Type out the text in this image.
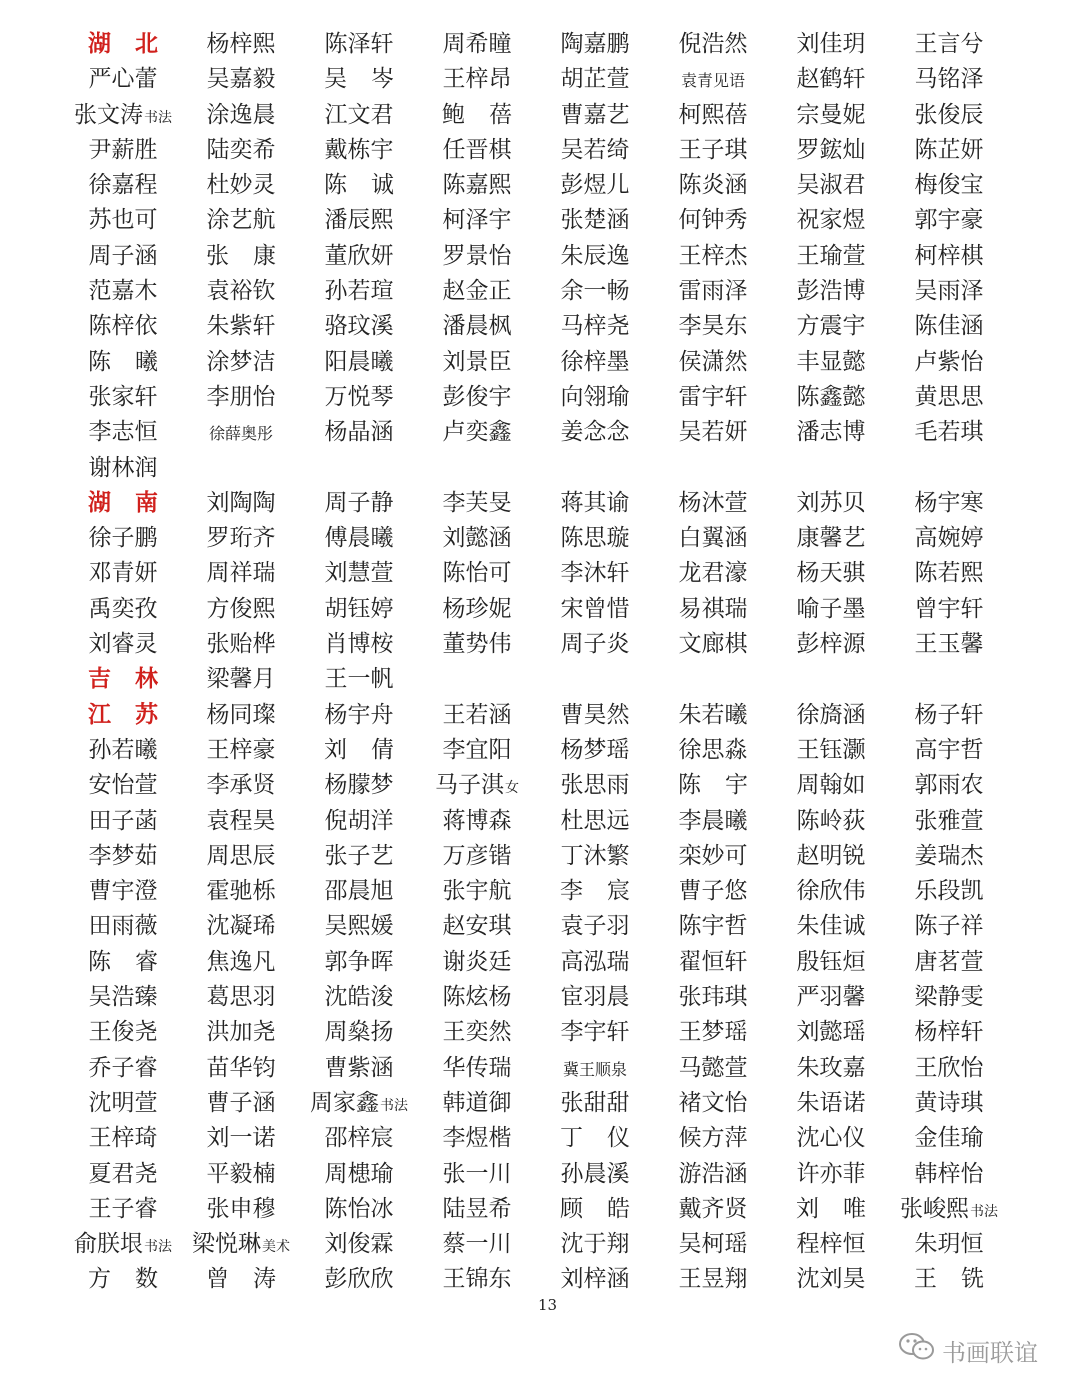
湖北	杨梓熙	陈泽轩	周希瞳	陶嘉鹏	倪浩然	刘佳玥	王言兮
严心蕾	吴嘉毅	吴岑	王梓昂	胡芷萱	袁青见语	赵鹤轩	马铭泽
张文涛书法	涂逸晨	江文君	鲍蓓	曹嘉艺	柯熙蓓	宗曼妮	张俊辰
尹薪胜	陆奕希	戴栋宇	任晋棋	吴若绮	王子琪	罗鋐灿	陈芷妍
徐嘉程	杜妙灵	陈诚	陈嘉熙	彭煜儿	陈炎涵	吴淑君	梅俊宝
苏也可	涂艺航	潘辰熙	柯泽宇	张楚涵	何钟秀	祝家煜	郭宇豪
周子涵	张康	董欣妍	罗景怡	朱辰逸	王梓杰	王瑜萱	柯梓棋
范嘉木	袁裕钦	孙若瑄	赵金正	余一畅	雷雨泽	彭浩博	吴雨泽
陈梓依	朱紫轩	骆玟溪	潘晨枫	马梓尧	李昊东	方震宇	陈佳涵
陈曦	涂梦洁	阳晨曦	刘景臣	徐梓墨	侯潇然	丰显懿	卢紫怡
张家轩	李朋怡	万悦琴	彭俊宇	向翎瑜	雷宇轩	陈鑫懿	黄思思
李志恒	徐薛奥彤	杨晶涵	卢奕鑫	姜念念	吴若妍	潘志博	毛若琪
谢林润
湖南	刘陶陶	周子静	李芙旻	蒋其谕	杨沐萱	刘苏贝	杨宇寒
徐子鹏	罗珩齐	傅晨曦	刘懿涵	陈思璇	白翼涵	康馨艺	高婉婷
邓青妍	周祥瑞	刘慧萱	陈怡可	李沐轩	龙君濠	杨天骐	陈若熙
禹奕孜	方俊熙	胡钰婷	杨珍妮	宋曾惜	易祺瑞	喻子墨	曾宇轩
刘睿灵	张贻桦	肖博桉	董势伟	周子炎	文廊棋	彭梓源	王玉馨
吉林	梁馨月	王一帆
江苏	杨同璨	杨宇舟	王若涵	曹昊然	朱若曦	徐旖涵	杨子轩
孙若曦	王梓豪	刘倩	李宜阳	杨梦瑶	徐思淼	王钰灏	高宇哲
安怡萱	李承贤	杨朦梦	马子淇女	张思雨	陈宇	周翰如	郭雨农
田子菡	袁程昊	倪胡洋	蒋博森	杜思远	李晨曦	陈岭荻	张雅萱
李梦茹	周思辰	张子艺	万彦锴	丁沐繁	栾妙可	赵明锐	姜瑞杰
曹宇澄	霍驰栎	邵晨旭	张宇航	李宸	曹子悠	徐欣伟	乐段凯
田雨薇	沈凝琋	吴熙媛	赵安琪	袁子羽	陈宇哲	朱佳诚	陈子祥
陈睿	焦逸凡	郭争晖	谢炎廷	高泓瑞	翟恒轩	殷钰烜	唐茗萱
吴浩臻	葛思羽	沈皓浚	陈炫杨	宦羽晨	张玮琪	严羽馨	梁静雯
王俊尧	洪加尧	周燊扬	王奕然	李宇轩	王梦瑶	刘懿瑶	杨梓轩
乔子睿	苗华钧	曹紫涵	华传瑞	冀王顺泉	马懿萱	朱玫嘉	王欣怡
沈明萱	曹子涵	周家鑫书法	韩道御	张甜甜	褚文怡	朱语诺	黄诗琪
王梓琦	刘一诺	邵梓宸	李煜楷	丁仪	候方萍	沈心仪	金佳瑜
夏君尧	平毅楠	周槵瑜	张一川	孙晨溪	游浩涵	许亦菲	韩梓怡
王子睿	张申穆	陈怡冰	陆昱希	顾皓	戴齐贤	刘唯	张峻熙书法
俞朕垠书法 梁悦琳美术	刘俊霖	蔡一川	沈于翔	吴柯瑶	程梓恒	朱玥恒
方数	曾涛	彭欣欣	王锦东	刘梓涵	王昱翔	沈刘昊	王铣
13
书画联谊
